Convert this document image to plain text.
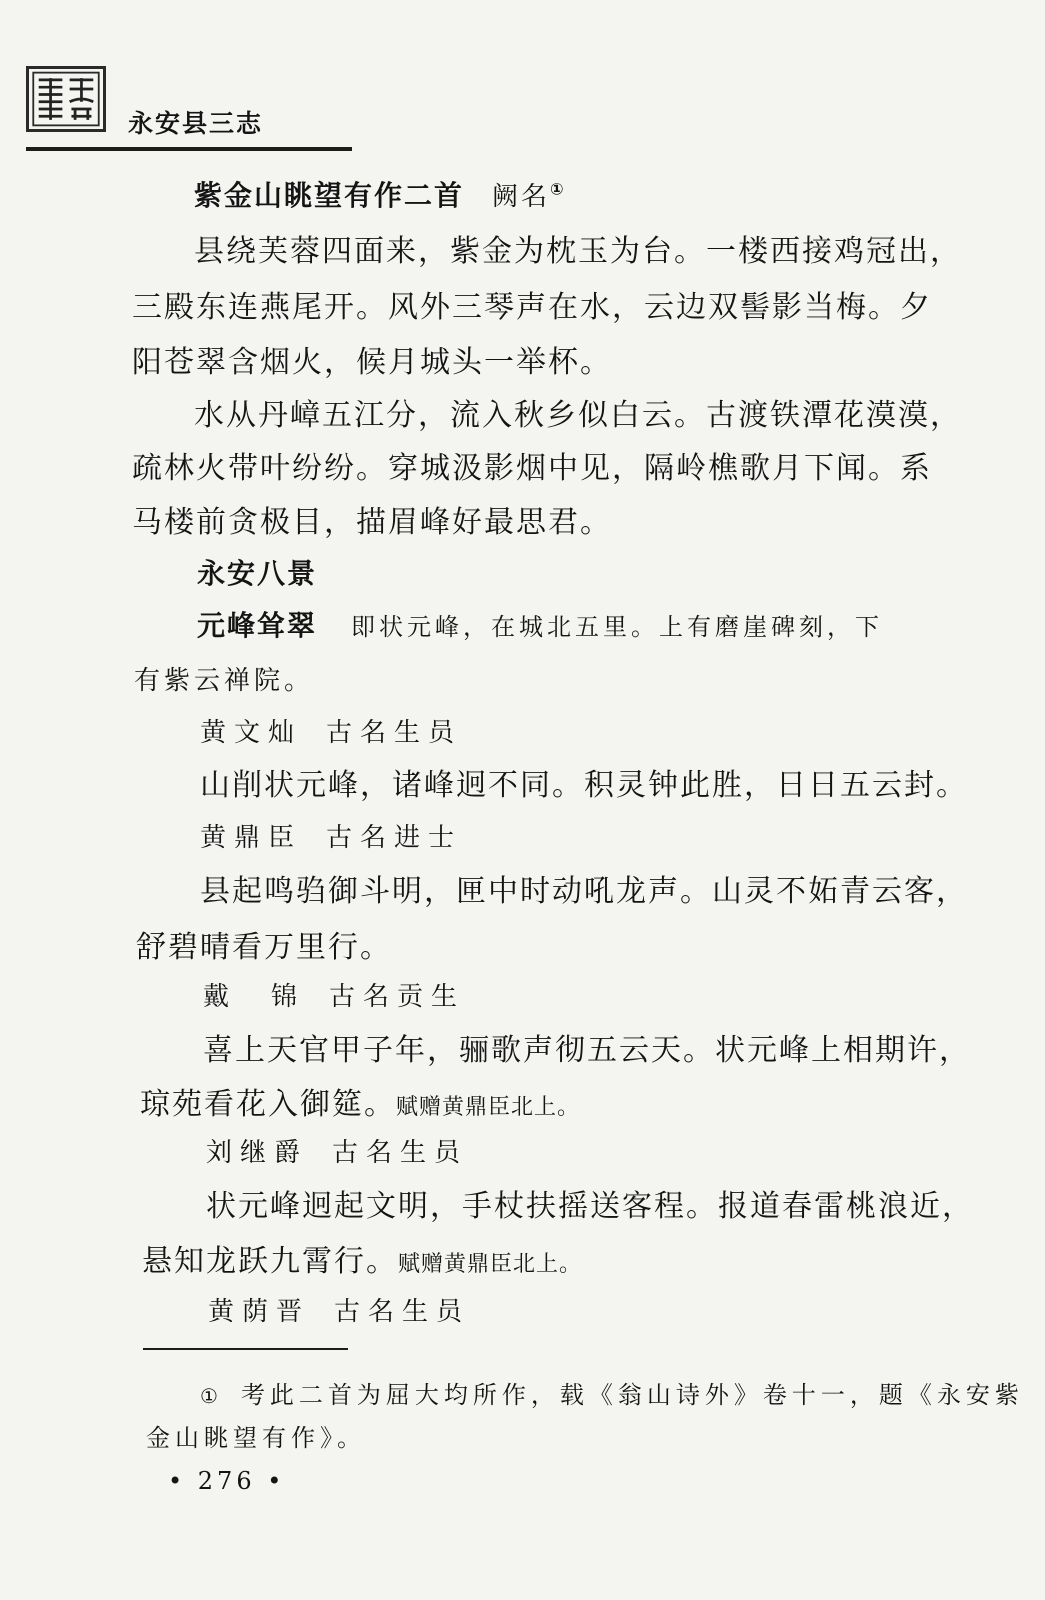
永安县三志
紫金山眺望有作二首 阙名①
县绕芙蓉四面来，紫金为枕玉为台。一楼西接鸡冠出，
三殿东连燕尾开。风外三琴声在水，云边双髻影当梅。夕
阳苍翠含烟火，候月城头一举杯。
水从丹嶂五江分，流入秋乡似白云。古渡铁潭花漠漠，
疏林火带叶纷纷。穿城汲影烟中见，隔岭樵歌月下闻。系
马楼前贪极目，描眉峰好最思君。
永安八景
元峰耸翠 即状元峰，在城北五里。上有磨崖碑刻，下
有紫云禅院。
黄文灿 古名生员
山削状元峰，诸峰迥不同。积灵钟此胜，日日五云封。
黄鼎臣 古名进士
县起鸣驺御斗明，匣中时动吼龙声。山灵不妬青云客，
舒碧晴看万里行。
戴　锦 古名贡生
喜上天官甲子年，骊歌声彻五云天。状元峰上相期许，
琼苑看花入御筵。赋赠黄鼎臣北上。
刘继爵 古名生员
状元峰迥起文明，手杖扶摇送客程。报道春雷桃浪近，
悬知龙跃九霄行。赋赠黄鼎臣北上。
黄荫晋 古名生员
① 考此二首为屈大均所作，载《翁山诗外》卷十一，题《永安紫
金山眺望有作》。
• 276 •
